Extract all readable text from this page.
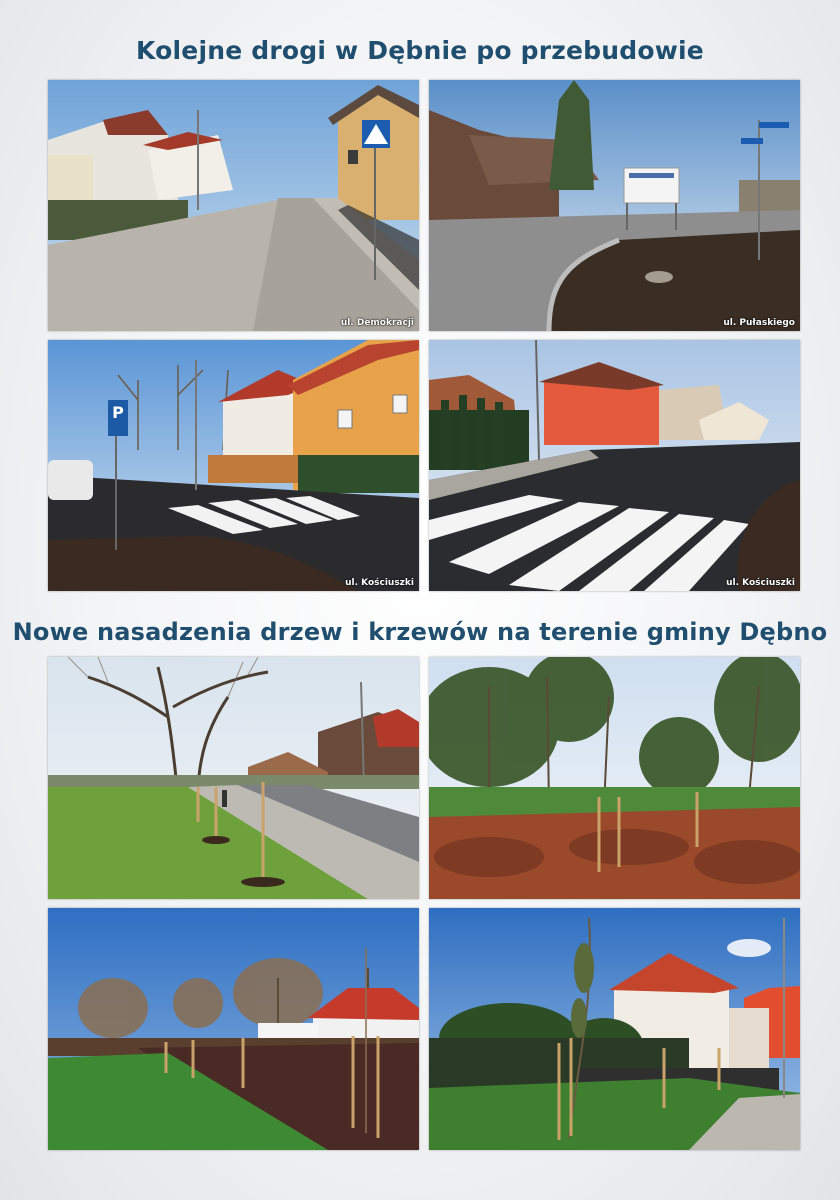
Kolejne drogi w Dębnie po przebudowie
ul. Demokracji	ul. Pułaskiego
P
ul. Kościuszki	ul. Kościuszki
Nowe nasadzenia drzew i krzewów na terenie gminy Dębno
